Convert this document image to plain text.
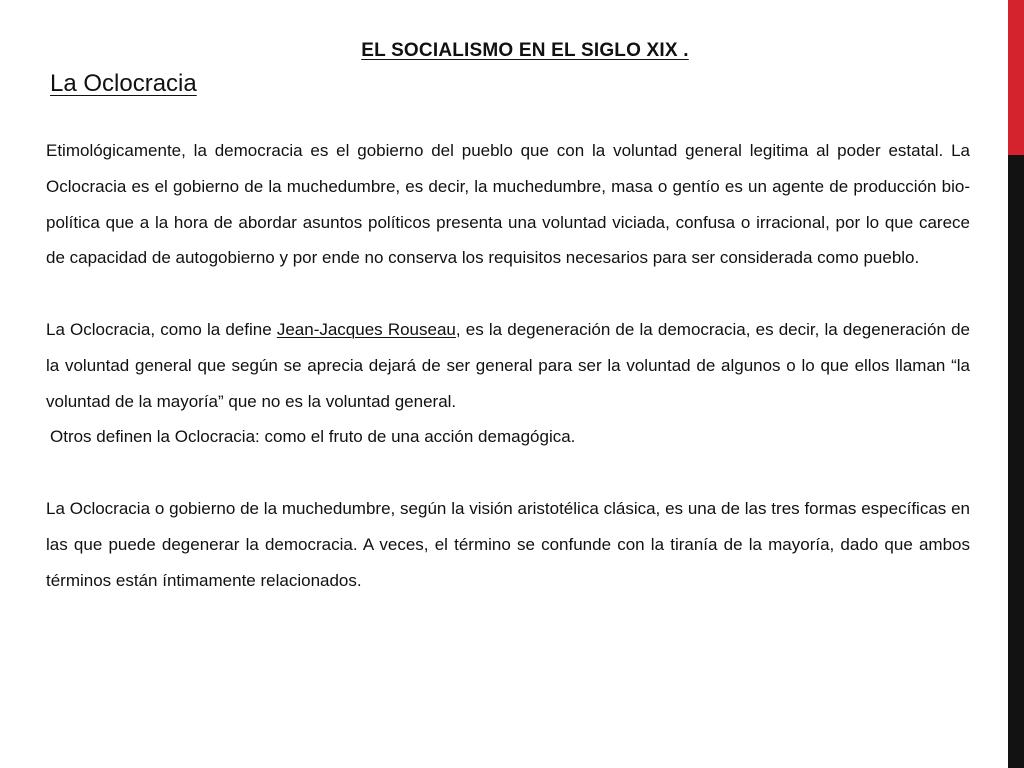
EL SOCIALISMO EN EL SIGLO XIX .
La Oclocracia

Etimológicamente, la democracia es el gobierno del pueblo que con la voluntad general legitima al poder estatal. La Oclocracia es el gobierno de la muchedumbre, es decir, la muchedumbre, masa o gentío es un agente de producción bio-política que a la hora de abordar asuntos políticos presenta una voluntad viciada, confusa o irracional, por lo que carece de capacidad de autogobierno y por ende no conserva los requisitos necesarios para ser considerada como pueblo.

La Oclocracia, como la define Jean-Jacques Rouseau, es la degeneración de la democracia, es decir, la degeneración de la voluntad general que según se aprecia dejará de ser general para ser la voluntad de algunos o lo que ellos llaman “la voluntad de la mayoría” que no es la voluntad general.

Otros definen la Oclocracia: como el fruto de una acción demagógica.

La Oclocracia o gobierno de la muchedumbre, según la visión aristotélica clásica, es una de las tres formas específicas en las que puede degenerar la democracia. A veces, el término se confunde con la tiranía de la mayoría, dado que ambos términos están íntimamente relacionados.
